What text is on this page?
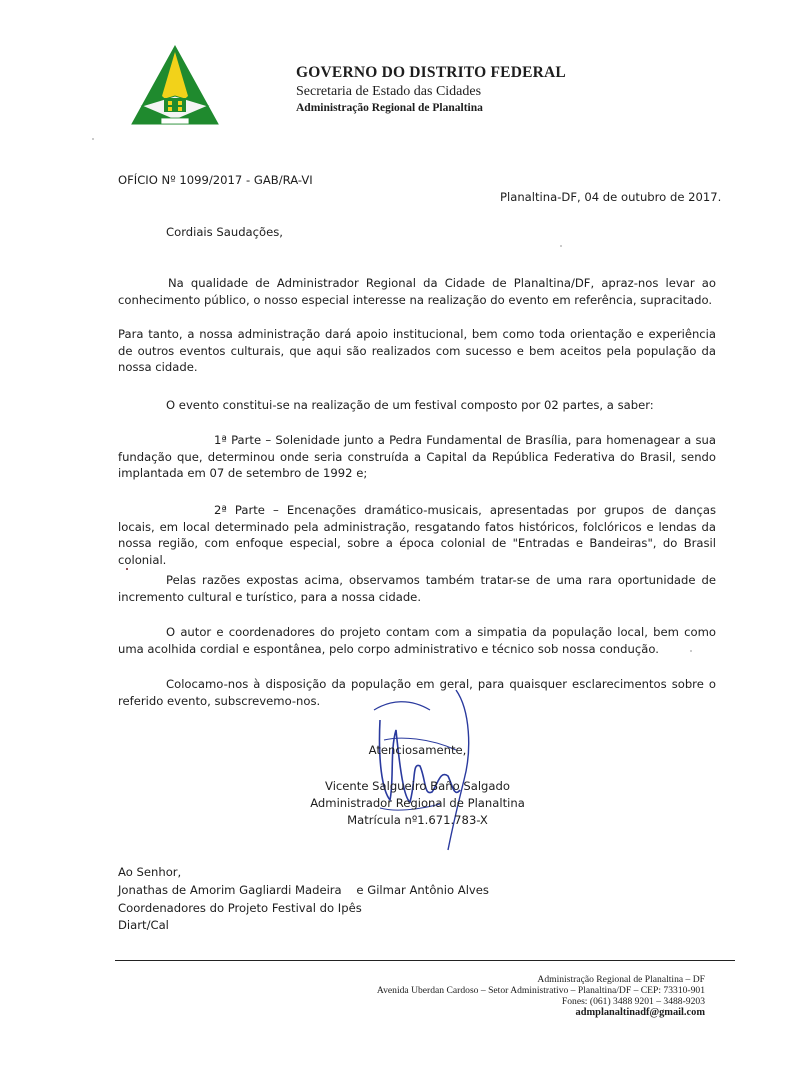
GOVERNO DO DISTRITO FEDERAL
Secretaria de Estado das Cidades
Administração Regional de Planaltina
OFÍCIO Nº 1099/2017 - GAB/RA-VI
Planaltina-DF, 04 de outubro de 2017.
Cordiais Saudações,
Na qualidade de Administrador Regional da Cidade de Planaltina/DF, apraz-nos levar ao conhecimento público, o nosso especial interesse na realização do evento em referência, supracitado.
Para tanto, a nossa administração dará apoio institucional, bem como toda orientação e experiência de outros eventos culturais, que aqui são realizados com sucesso e bem aceitos pela população da nossa cidade.
O evento constitui-se na realização de um festival composto por 02 partes, a saber:
1ª Parte – Solenidade junto a Pedra Fundamental de Brasília, para homenagear a sua fundação que, determinou onde seria construída a Capital da República Federativa do Brasil, sendo implantada em 07 de setembro de 1992 e;
2ª Parte – Encenações dramático-musicais, apresentadas por grupos de danças locais, em local determinado pela administração, resgatando fatos históricos, folclóricos e lendas da nossa região, com enfoque especial, sobre a época colonial de "Entradas e Bandeiras", do Brasil colonial.
Pelas razões expostas acima, observamos também tratar-se de uma rara oportunidade de incremento cultural e turístico, para a nossa cidade.
O autor e coordenadores do projeto contam com a simpatia da população local, bem como uma acolhida cordial e espontânea, pelo corpo administrativo e técnico sob nossa condução.
Colocamo-nos à disposição da população em geral, para quaisquer esclarecimentos sobre o referido evento, subscrevemo-nos.
Atenciosamente,
Vicente Salgueiro Baño Salgado
Administrador Regional de Planaltina
Matrícula nº1.671.783-X
Ao Senhor,
Jonathas de Amorim Gagliardi Madeira    e Gilmar Antônio Alves
Coordenadores do Projeto Festival do Ipês
Diart/Cal
Administração Regional de Planaltina – DF
Avenida Uberdan Cardoso – Setor Administrativo – Planaltina/DF – CEP: 73310-901
Fones: (061) 3488 9201 – 3488-9203
admplanaltinadf@gmail.com
